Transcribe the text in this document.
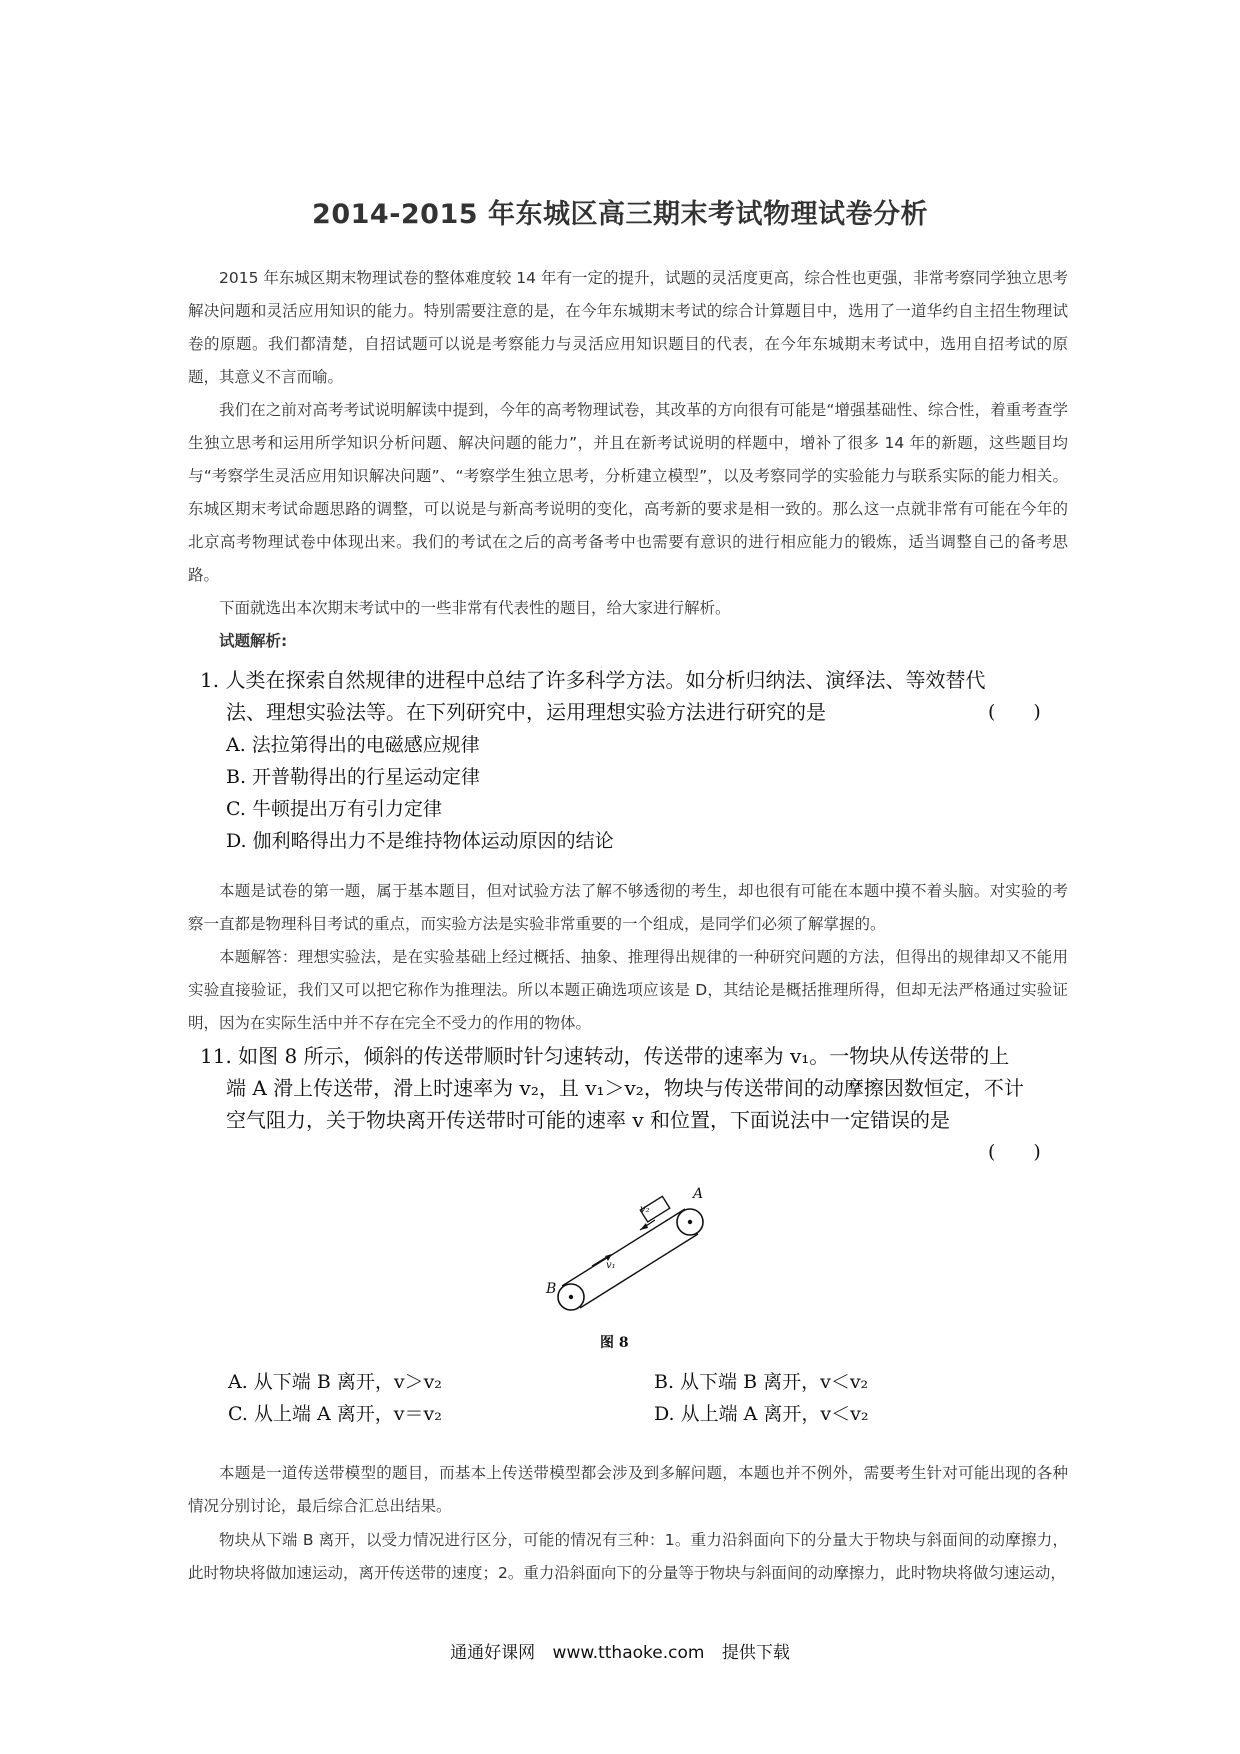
2014-2015 年东城区高三期末考试物理试卷分析
2015 年东城区期末物理试卷的整体难度较 14 年有一定的提升，试题的灵活度更高，综合性也更强，非常考察同学独立思考解决问题和灵活应用知识的能力。特别需要注意的是，在今年东城期末考试的综合计算题目中，选用了一道华约自主招生物理试卷的原题。我们都清楚，自招试题可以说是考察能力与灵活应用知识题目的代表，在今年东城期末考试中，选用自招考试的原题，其意义不言而喻。
我们在之前对高考考试说明解读中提到，今年的高考物理试卷，其改革的方向很有可能是“增强基础性、综合性，着重考查学生独立思考和运用所学知识分析问题、解决问题的能力”，并且在新考试说明的样题中，增补了很多 14 年的新题，这些题目均与“考察学生灵活应用知识解决问题”、“考察学生独立思考，分析建立模型”，以及考察同学的实验能力与联系实际的能力相关。东城区期末考试命题思路的调整，可以说是与新高考说明的变化，高考新的要求是相一致的。那么这一点就非常有可能在今年的北京高考物理试卷中体现出来。我们的考试在之后的高考备考中也需要有意识的进行相应能力的锻炼，适当调整自己的备考思路。
下面就选出本次期末考试中的一些非常有代表性的题目，给大家进行解析。
试题解析:
1. 人类在探索自然规律的进程中总结了许多科学方法。如分析归纳法、演绎法、等效替代
法、理想实验法等。在下列研究中，运用理想实验方法进行研究的是	(　　)
A. 法拉第得出的电磁感应规律
B. 开普勒得出的行星运动定律
C. 牛顿提出万有引力定律
D. 伽利略得出力不是维持物体运动原因的结论
本题是试卷的第一题，属于基本题目，但对试验方法了解不够透彻的考生，却也很有可能在本题中摸不着头脑。对实验的考察一直都是物理科目考试的重点，而实验方法是实验非常重要的一个组成，是同学们必须了解掌握的。
本题解答：理想实验法，是在实验基础上经过概括、抽象、推理得出规律的一种研究问题的方法，但得出的规律却又不能用实验直接验证，我们又可以把它称作为推理法。所以本题正确选项应该是 D，其结论是概括推理所得，但却无法严格通过实验证明，因为在实际生活中并不存在完全不受力的作用的物体。
11. 如图 8 所示，倾斜的传送带顺时针匀速转动，传送带的速率为 v₁。一物块从传送带的上
端 A 滑上传送带，滑上时速率为 v₂，且 v₁＞v₂，物块与传送带间的动摩擦因数恒定，不计
空气阻力，关于物块离开传送带时可能的速率 v 和位置，下面说法中一定错误的是
(　　)
v₂
v₁
A
B
图 8
A. 从下端 B 离开，v＞v₂	B. 从下端 B 离开，v＜v₂
C. 从上端 A 离开，v＝v₂	D. 从上端 A 离开，v＜v₂
本题是一道传送带模型的题目，而基本上传送带模型都会涉及到多解问题，本题也并不例外，需要考生针对可能出现的各种情况分别讨论，最后综合汇总出结果。
物块从下端 B 离开，以受力情况进行区分，可能的情况有三种：1。重力沿斜面向下的分量大于物块与斜面间的动摩擦力，此时物块将做加速运动，离开传送带的速度；2。重力沿斜面向下的分量等于物块与斜面间的动摩擦力，此时物块将做匀速运动，
通通好课网 www.tthaoke.com 提供下载
